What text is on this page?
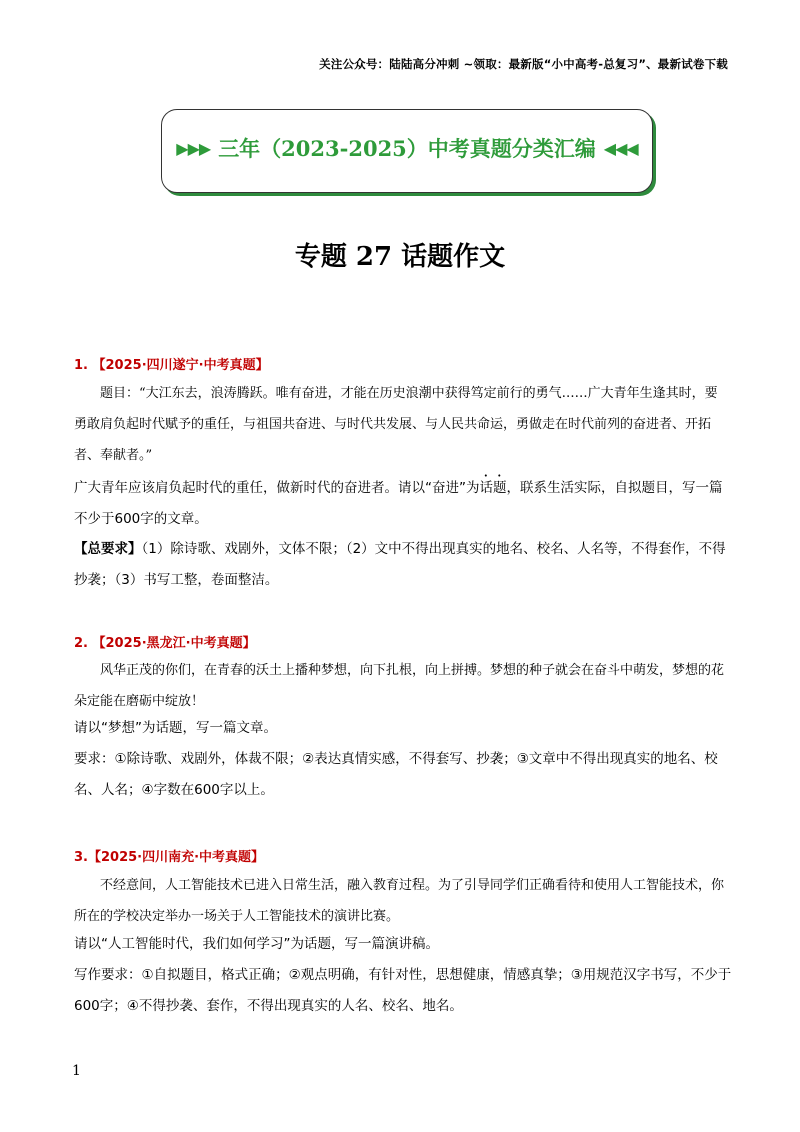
关注公众号：陆陆高分冲刺 ~领取：最新版“小中高考-总复习”、最新试卷下载
▶▶▶ 三年（2023-2025）中考真题分类汇编 ◀◀◀
专题 27 话题作文
1. 【2025·四川遂宁·中考真题】
题目：“大江东去，浪涛腾跃。唯有奋进，才能在历史浪潮中获得笃定前行的勇气……广大青年生逢其时，要勇敢肩负起时代赋予的重任，与祖国共奋进、与时代共发展、与人民共命运，勇做走在时代前列的奋进者、开拓者、奉献者。”
广大青年应该肩负起时代的重任，做新时代的奋进者。请以“奋进”为话题，联系生活实际，自拟题目，写一篇不少于600字的文章。
【总要求】（1）除诗歌、戏剧外，文体不限；（2）文中不得出现真实的地名、校名、人名等，不得套作，不得抄袭；（3）书写工整，卷面整洁。
2. 【2025·黑龙江·中考真题】
风华正茂的你们，在青春的沃土上播种梦想，向下扎根，向上拼搏。梦想的种子就会在奋斗中萌发，梦想的花朵定能在磨砺中绽放！
请以“梦想”为话题，写一篇文章。
要求：①除诗歌、戏剧外，体裁不限；②表达真情实感，不得套写、抄袭；③文章中不得出现真实的地名、校名、人名；④字数在600字以上。
3.【2025·四川南充·中考真题】
不经意间，人工智能技术已进入日常生活，融入教育过程。为了引导同学们正确看待和使用人工智能技术，你所在的学校决定举办一场关于人工智能技术的演讲比赛。
请以“人工智能时代，我们如何学习”为话题，写一篇演讲稿。
写作要求：①自拟题目，格式正确；②观点明确，有针对性，思想健康，情感真挚；③用规范汉字书写，不少于600字；④不得抄袭、套作，不得出现真实的人名、校名、地名。
1
